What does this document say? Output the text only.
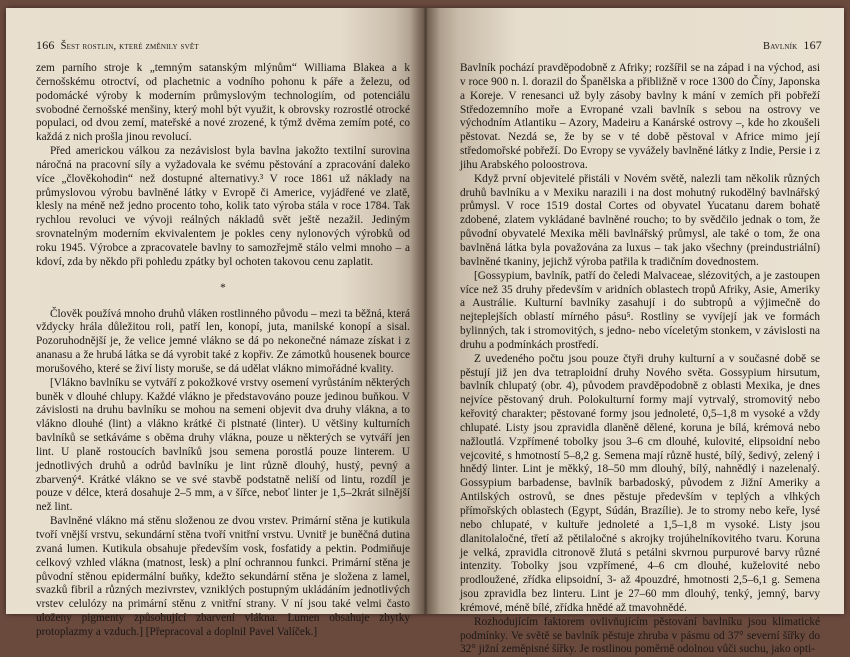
166 Šest rostlin, které změnily svět

zem parního stroje k „temným satanským mlýnům“ Williama Blakea a k černošskému otroctví, od plachetnic a vodního pohonu k páře a železu, od podomácké výroby k moderním průmyslovým technologiím, od potenciálu svobodné černošské menšiny, který mohl být využit, k obrovsky rozrostlé otrocké populaci, od dvou zemí, mateřské a nové zrozené, k týmž dvěma zemím poté, co každá z nich prošla jinou revolucí.

Před americkou válkou za nezávislost byla bavlna jakožto textilní surovina náročná na pracovní síly a vyžadovala ke svému pěstování a zpracování daleko více „člověkohodin“ než dostupné alternativy.³ V roce 1861 už náklady na průmyslovou výrobu bavlněné látky v Evropě či Americe, vyjádřené ve zlatě, klesly na méně než jedno procento toho, kolik tato výroba stála v roce 1784. Tak rychlou revoluci ve vývoji reálných nákladů svět ještě nezažil. Jediným srovnatelným moderním ekvivalentem je pokles ceny nylonových výrobků od roku 1945. Výrobce a zpracovatele bavlny to samozřejmě stálo velmi mnoho – a kdoví, zda by někdo při pohledu zpátky byl ochoten takovou cenu zaplatit.

*

Člověk používá mnoho druhů vláken rostlinného původu – mezi ta běžná, která vždycky hrála důležitou roli, patří len, konopí, juta, manilské konopí a sisal. Pozoruhodnější je, že velice jemné vlákno se dá po nekonečné námaze získat i z ananasu a že hrubá látka se dá vyrobit také z kopřiv. Ze zámotků housenek bource morušového, které se živí listy moruše, se dá udělat vlákno mimořádné kvality.

[Vlákno bavlníku se vytváří z pokožkové vrstvy osemení vyrůstáním některých buněk v dlouhé chlupy. Každé vlákno je představováno pouze jedinou buňkou. V závislosti na druhu bavlníku se mohou na semeni objevit dva druhy vlákna, a to vlákno dlouhé (lint) a vlákno krátké či plstnaté (linter). U většiny kulturních bavlníků se setkáváme s oběma druhy vlákna, pouze u některých se vytváří jen lint. U planě rostoucích bavlníků jsou semena porostlá pouze linterem. U jednotlivých druhů a odrůd bavlníku je lint různě dlouhý, hustý, pevný a zbarvený⁴. Krátké vlákno se ve své stavbě podstatně neliší od lintu, rozdíl je pouze v délce, která dosahuje 2–5 mm, a v šířce, neboť linter je 1,5–2krát silnější než lint.

Bavlněné vlákno má stěnu složenou ze dvou vrstev. Primární stěna je kutikula tvoří vnější vrstvu, sekundární stěna tvoří vnitřní vrstvu. Uvnitř je buněčná dutina zvaná lumen. Kutikula obsahuje především vosk, fosfatidy a pektin. Podmiňuje celkový vzhled vlákna (matnost, lesk) a plní ochrannou funkci. Primární stěna je původní stěnou epidermální buňky, kdežto sekundární stěna je složena z lamel, svazků fibril a různých mezivrstev, vzniklých postupným ukládáním jednotlivých vrstev celulózy na primární stěnu z vnitřní strany. V ní jsou také velmi často uloženy pigmenty způsobující zbarvení vlákna. Lumen obsahuje zbytky protoplazmy a vzduch.] [Přepracoval a doplnil Pavel Valíček.]

Bavlník 167

Bavlník pochází pravděpodobně z Afriky; rozšířil se na západ i na východ, asi v roce 900 n. l. dorazil do Španělska a přibližně v roce 1300 do Číny, Japonska a Koreje. V renesanci už byly zásoby bavlny k mání v zemích při pobřeží Středozemního moře a Evropané vzali bavlník s sebou na ostrovy ve východním Atlantiku – Azory, Madeiru a Kanárské ostrovy –, kde ho zkoušeli pěstovat. Nezdá se, že by se v té době pěstoval v Africe mimo její středomořské pobřeží. Do Evropy se vyvážely bavlněné látky z Indie, Persie i z jihu Arabského poloostrova.

Když první objevitelé přistáli v Novém světě, nalezli tam několik různých druhů bavlníku a v Mexiku narazili i na dost mohutný rukodělný bavlnářský průmysl. V roce 1519 dostal Cortes od obyvatel Yucatanu darem bohatě zdobené, zlatem vykládané bavlněné roucho; to by svědčilo jednak o tom, že původní obyvatelé Mexika měli bavlnářský průmysl, ale také o tom, že ona bavlněná látka byla považována za luxus – tak jako všechny (preindustriální) bavlněné tkaniny, jejichž výroba patřila k tradičním dovednostem.

[Gossypium, bavlník, patří do čeledi Malvaceae, slézovitých, a je zastoupen více než 35 druhy především v aridních oblastech tropů Afriky, Asie, Ameriky a Austrálie. Kulturní bavlníky zasahují i do subtropů a výjimečně do nejteplejších oblastí mírného pásu⁵. Rostliny se vyvíjejí jak ve formách bylinných, tak i stromovitých, s jedno- nebo víceletým stonkem, v závislosti na druhu a podmínkách prostředí.

Z uvedeného počtu jsou pouze čtyři druhy kulturní a v současné době se pěstují již jen dva tetraploidní druhy Nového světa. Gossypium hirsutum, bavlník chlupatý (obr. 4), původem pravděpodobně z oblasti Mexika, je dnes nejvíce pěstovaný druh. Polokulturní formy mají vytrvalý, stromovitý nebo keřovitý charakter; pěstované formy jsou jednoleté, 0,5–1,8 m vysoké a vždy chlupaté. Listy jsou zpravidla dlaněně dělené, koruna je bílá, krémová nebo nažloutlá. Vzpřímené tobolky jsou 3–6 cm dlouhé, kulovité, elipsoidní nebo vejcovité, s hmotností 5–8,2 g. Semena mají různě husté, bílý, šedivý, zelený i hnědý linter. Lint je měkký, 18–50 mm dlouhý, bílý, nahnědlý i nazelenalý. Gossypium barbadense, bavlník barbadoský, původem z Jižní Ameriky a Antilských ostrovů, se dnes pěstuje především v teplých a vlhkých přímořských oblastech (Egypt, Súdán, Brazílie). Je to stromy nebo keře, lysé nebo chlupaté, v kultuře jednoleté a 1,5–1,8 m vysoké. Listy jsou dlanitolaločné, třetí až pětilaločné s akrojky trojúhelníkovitého tvaru. Koruna je velká, zpravidla citronově žlutá s petálni skvrnou purpurové barvy různé intenzity. Tobolky jsou vzpřímené, 4–6 cm dlouhé, kuželovité nebo prodloužené, zřídka elipsoidní, 3- až 4pouzdré, hmotnosti 2,5–6,1 g. Semena jsou zpravidla bez linteru. Lint je 27–60 mm dlouhý, tenký, jemný, barvy krémové, méně bílé, zřídka hnědé až tmavohnědé.

Rozhodujícím faktorem ovlivňujícím pěstování bavlníku jsou klimatické podmínky. Ve světě se bavlník pěstuje zhruba v pásmu od 37° severní šířky do 32° jižní zeměpisné šířky. Je rostlinou poměrně odolnou vůči suchu, jako opti-
